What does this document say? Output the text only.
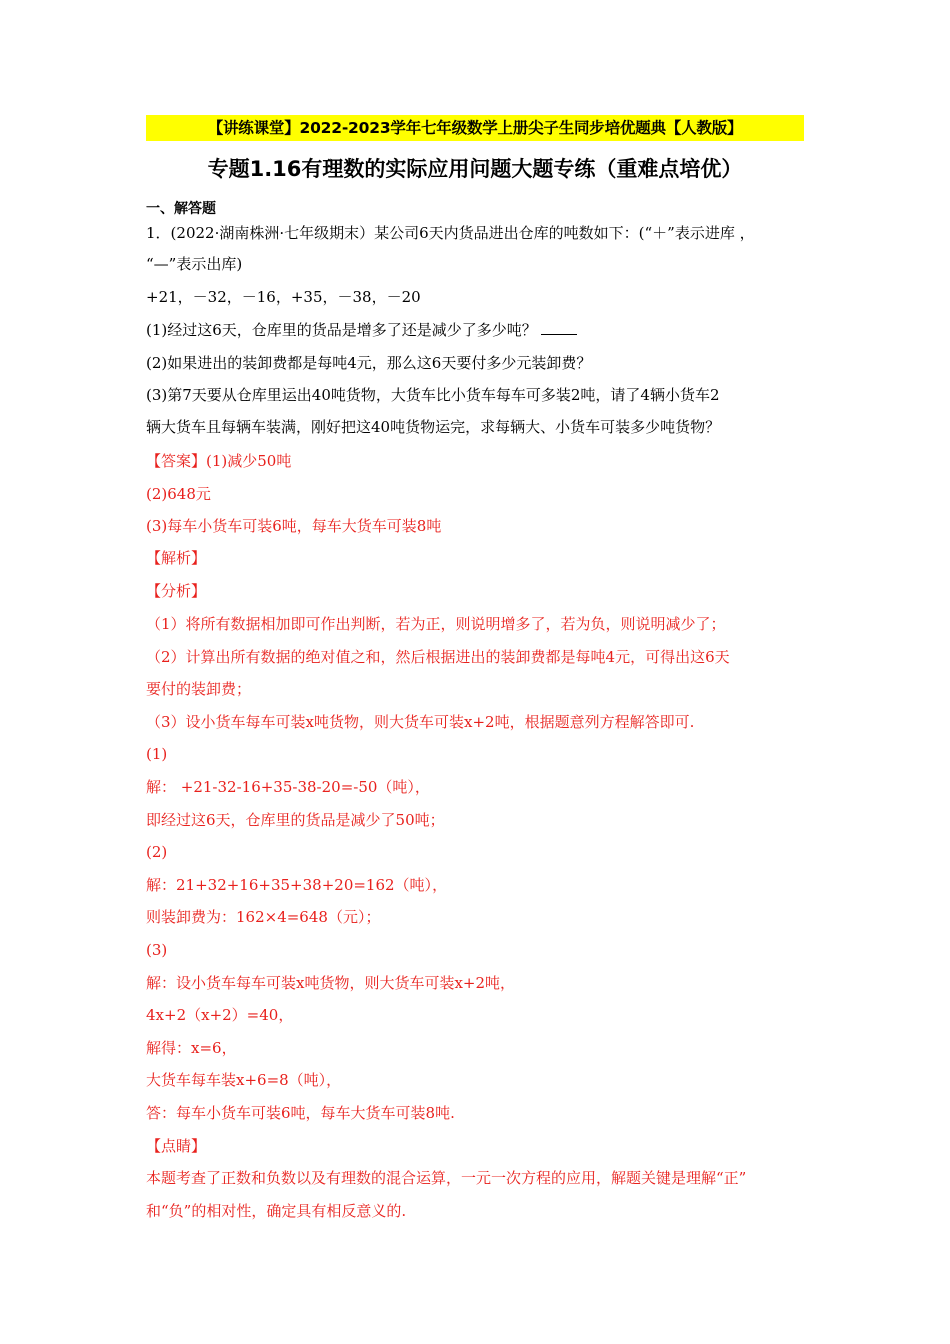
【讲练课堂】2022-2023学年七年级数学上册尖子生同步培优题典【人教版】
专题1.16有理数的实际应用问题大题专练（重难点培优）
一、解答题
1．(2022·湖南株洲·七年级期末）某公司6天内货品进出仓库的吨数如下：(“＋”表示进库 ，
“—”表示出库)
+21，－32，－16，+35，－38，－20
(1)经过这6天，仓库里的货品是增多了还是减少了多少吨？
(2)如果进出的装卸费都是每吨4元，那么这6天要付多少元装卸费？
(3)第7天要从仓库里运出40吨货物，大货车比小货车每车可多装2吨，请了4辆小货车2
辆大货车且每辆车装满，刚好把这40吨货物运完，求每辆大、小货车可装多少吨货物？
【答案】(1)减少50吨
(2)648元
(3)每车小货车可装6吨，每车大货车可装8吨
【解析】
【分析】
（1）将所有数据相加即可作出判断，若为正，则说明增多了，若为负，则说明减少了；
（2）计算出所有数据的绝对值之和，然后根据进出的装卸费都是每吨4元，可得出这6天
要付的装卸费；
（3）设小货车每车可装x吨货物，则大货车可装x+2吨，根据题意列方程解答即可.
(1)
解： +21-32-16+35-38-20=-50（吨），
即经过这6天，仓库里的货品是减少了50吨；
(2)
解：21+32+16+35+38+20=162（吨），
则装卸费为：162×4=648（元）；
(3)
解：设小货车每车可装x吨货物，则大货车可装x+2吨，
4x+2（x+2）=40，
解得：x=6，
大货车每车装x+6=8（吨），
答：每车小货车可装6吨，每车大货车可装8吨.
【点睛】
本题考查了正数和负数以及有理数的混合运算，一元一次方程的应用，解题关键是理解“正”
和“负”的相对性，确定具有相反意义的.
